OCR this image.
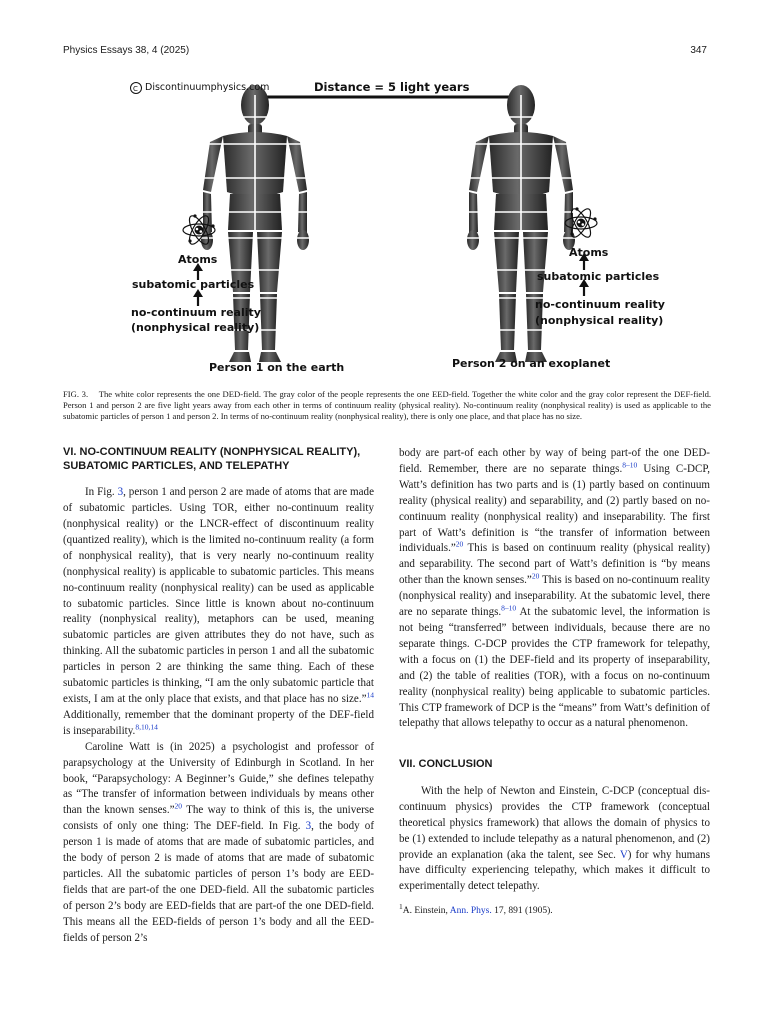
Physics Essays 38, 4 (2025)	347
C Discontinuumphysics.com	Distance = 5 light years
Atoms
subatomic particles
no-continuum reality
(nonphysical reality)
Person 1 on the earth
Atoms
subatomic particles
no-continuum reality
(nonphysical reality)
Person 2 on an exoplanet
FIG. 3. The white color represents the one DED-field. The gray color of the people represents the one EED-field. Together the white color and the gray color represent the DEF-field. Person 1 and person 2 are five light years away from each other in terms of continuum reality (physical reality). No-continuum reality (nonphysical reality) is used as applicable to the subatomic particles of person 1 and person 2. In terms of no-continuum reality (nonphysical reality), there is only one place, and that place has no size.
VI. NO-CONTINUUM REALITY (NONPHYSICAL REALITY), SUBATOMIC PARTICLES, AND TELEPATHY

In Fig. 3, person 1 and person 2 are made of atoms that are made of subatomic particles. Using TOR, either no-continuum reality (nonphysical reality) or the LNCR-effect of discontinuum reality (quantized reality), which is the limited no-continuum reality (a form of nonphysical reality), that is very nearly no-continuum reality (nonphysical reality) is applicable to subatomic particles. This means no-continuum reality (nonphysical reality) can be used as applicable to subatomic particles. Since little is known about no-continuum reality (nonphysical reality), metaphors can be used, meaning subatomic particles are given attributes they do not have, such as thinking. All the subatomic particles in person 1 and all the subatomic particles in person 2 are thinking the same thing. Each of these subatomic particles is thinking, “I am the only subatomic particle that exists, I am at the only place that exists, and that place has no size.”$^{14}$ Additionally, remember that the dominant property of the DEF-field is inseparability.$^{8,10,14}$

Caroline Watt is (in 2025) a psychologist and professor of parapsychology at the University of Edinburgh in Scotland. In her book, “Parapsychology: A Beginner’s Guide,” she defines telepathy as “The transfer of information between individuals by means other than the known senses.”$^{20}$ The way to think of this is, the universe consists of only one thing: The DEF-field. In Fig. 3, the body of person 1 is made of atoms that are made of subatomic particles, and the body of person 2 is made of atoms that are made of subatomic particles. All the subatomic particles of person 1’s body are EED-fields that are part-of the one DED-field. All the subatomic particles of person 2’s body are EED-fields that are part-of the one DED-field. This means all the EED-fields of person 1’s body and all the EED-fields of person 2’s

body are part-of each other by way of being part-of the one DED-field. Remember, there are no separate things.$^{8-10}$ Using C-DCP, Watt’s definition has two parts and is (1) partly based on continuum reality (physical reality) and separability, and (2) partly based on no-continuum reality (nonphysical reality) and inseparability. The first part of Watt’s definition is “the transfer of information between individuals.”$^{20}$ This is based on continuum reality (physical reality) and separability. The second part of Watt’s definition is “by means other than the known senses.”$^{20}$ This is based on no-continuum reality (nonphysical reality) and inseparability. At the subatomic level, there are no separate things.$^{8-10}$ At the subatomic level, the information is not being “transferred” between individuals, because there are no separate things. C-DCP provides the CTP framework for telepathy, with a focus on (1) the DEF-field and its property of inseparability, and (2) the table of realities (TOR), with a focus on no-continuum reality (nonphysical reality) being applicable to subatomic particles. This CTP framework of DCP is the “means” from Watt’s definition of telepathy that allows telepathy to occur as a natural phenomenon.

VII. CONCLUSION

With the help of Newton and Einstein, C-DCP (conceptual dis-continuum physics) provides the CTP framework (conceptual theoretical physics framework) that allows the domain of physics to be (1) extended to include telepathy as a natural phenomenon, and (2) provide an explanation (aka the talent, see Sec. V) for why humans have difficulty experiencing telepathy, which makes it difficult to experimentally detect telepathy.

$^1$A. Einstein, Ann. Phys. 17, 891 (1905).
